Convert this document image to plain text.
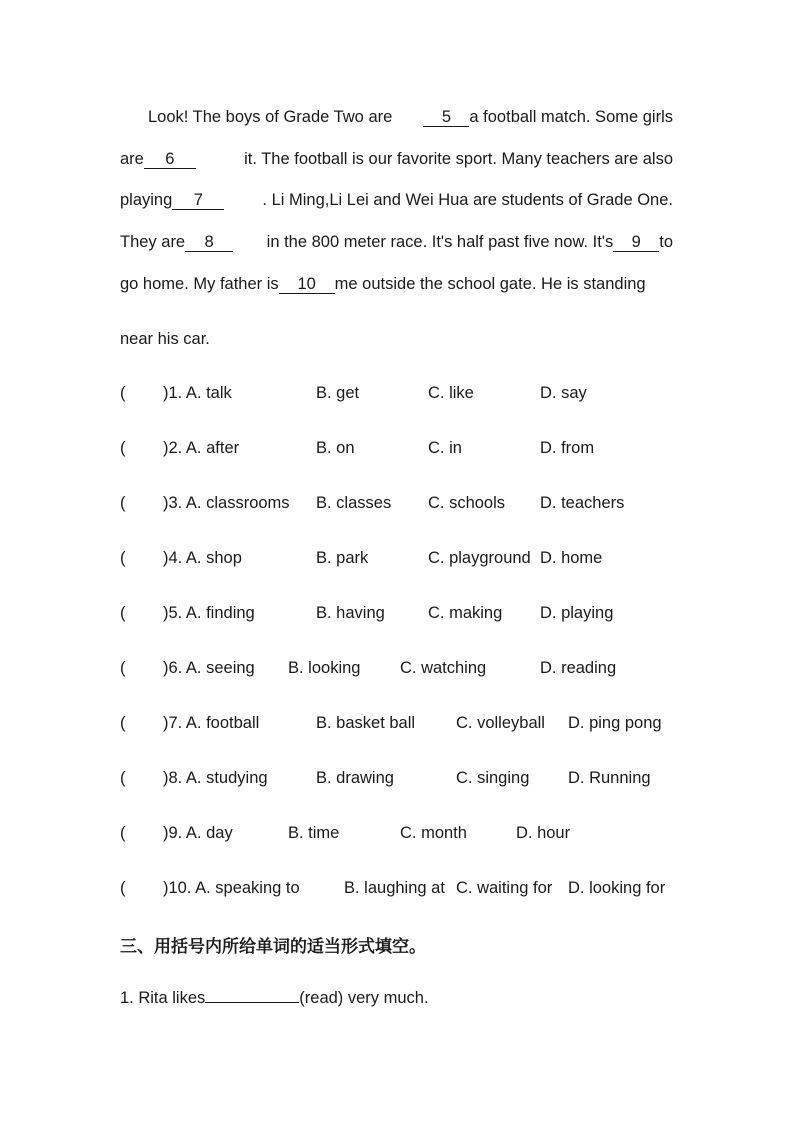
Look! The boys of Grade Two are	5 a football match. Some girls
are 6	it. The football is our favorite sport. Many teachers are also
playing 7	. Li Ming,Li Lei and Wei Hua are students of Grade One.
They are 8	in the 800 meter race. It's half past five now. It's 9 to
go home. My father is 10 me outside the school gate. He is standing
near his car.
( )1. A. talk	B. get	C. like	D. say
( )2. A. after	B. on	C. in	D. from
( )3. A. classrooms B. classes C. schools D. teachers
( )4. A. shop	B. park	C. playground D. home
( )5. A. finding	B. having	C. making D. playing
( )6. A. seeing B. looking C. watching	D. reading
( )7. A. football	B. basket ball C. volleyball D. ping pong
( )8. A. studying	B. drawing	C. singing D. Running
( )9. A. day	B. time	C. month	D. hour
( )10. A. speaking to	B. laughing at C. waiting for D. looking for
三、用括号内所给单词的适当形式填空。
1. Rita likes	(read) very much.
